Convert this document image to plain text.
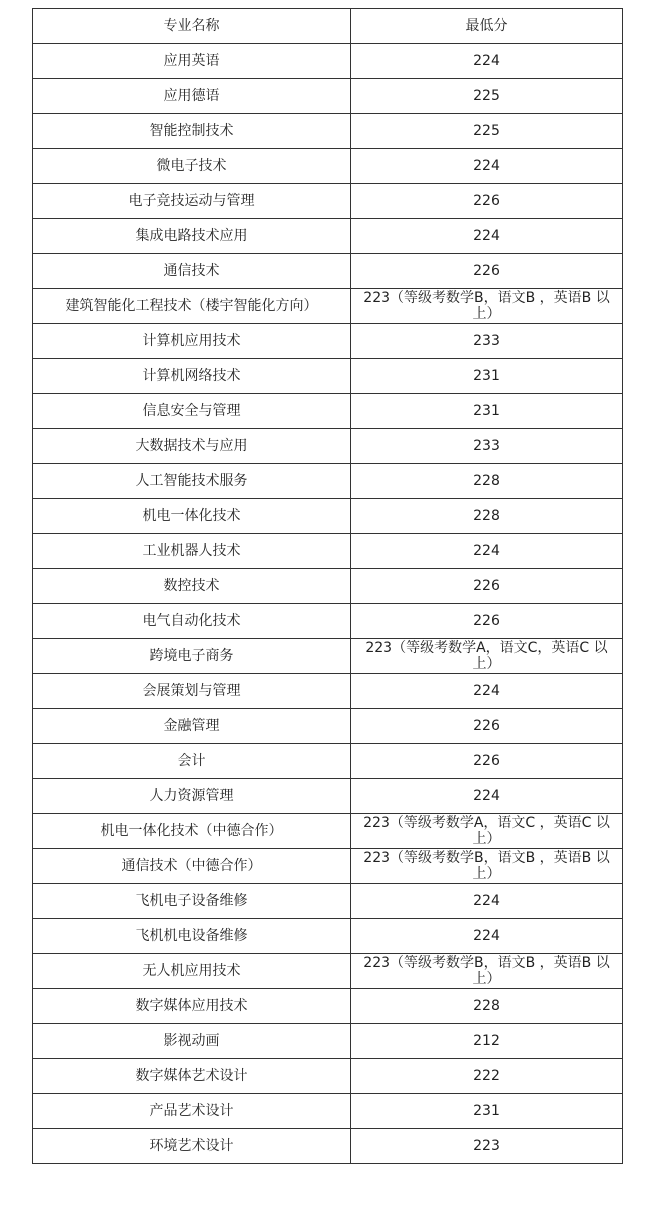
专业名称	最低分
应用英语	224
应用德语	225
智能控制技术	225
微电子技术	224
电子竞技运动与管理	226
集成电路技术应用	224
通信技术	226
建筑智能化工程技术（楼宇智能化方向）	223（等级考数学B，语文B ，英语B 以上）
计算机应用技术	233
计算机网络技术	231
信息安全与管理	231
大数据技术与应用	233
人工智能技术服务	228
机电一体化技术	228
工业机器人技术	224
数控技术	226
电气自动化技术	226
跨境电子商务	223（等级考数学A，语文C，英语C 以上）
会展策划与管理	224
金融管理	226
会计	226
人力资源管理	224
机电一体化技术（中德合作）	223（等级考数学A，语文C ，英语C 以上）
通信技术（中德合作）	223（等级考数学B，语文B ，英语B 以上）
飞机电子设备维修	224
飞机机电设备维修	224
无人机应用技术	223（等级考数学B，语文B ，英语B 以上）
数字媒体应用技术	228
影视动画	212
数字媒体艺术设计	222
产品艺术设计	231
环境艺术设计	223
